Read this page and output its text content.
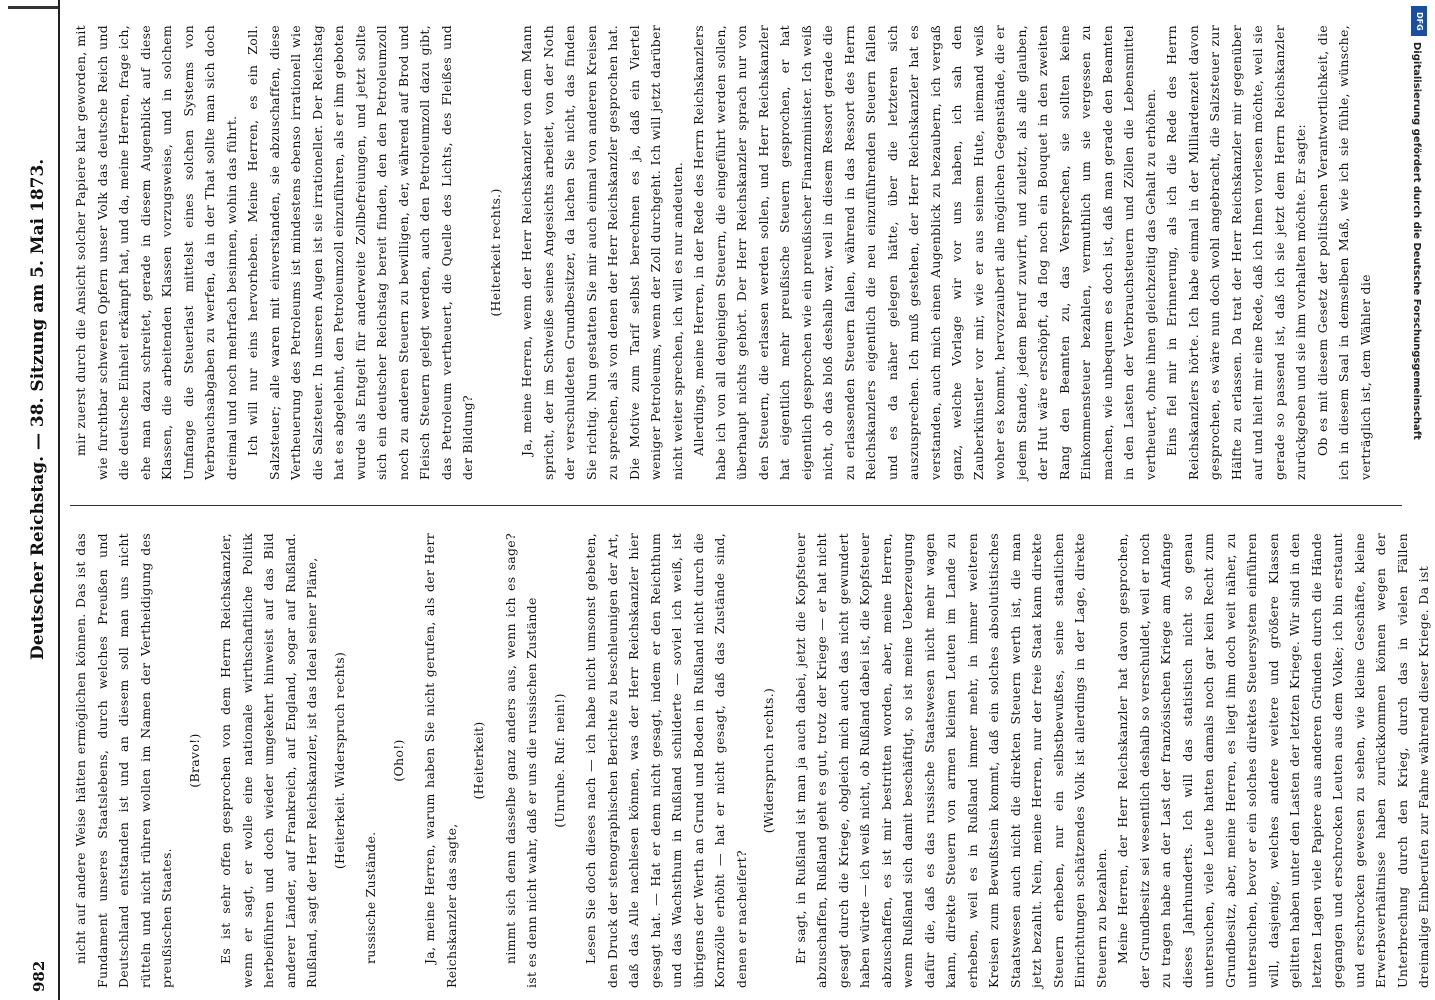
982
Deutscher Reichstag. — 38. Sitzung am 5. Mai 1873.

nicht auf andere Weise hätten ermöglichen können. Das ist das Fundament unseres Staatslebens, durch welches Preußen und Deutschland entstanden ist und an diesem soll man uns nicht rütteln und nicht rühren wollen im Namen der Vertheidigung des preußischen Staates.

(Bravo!) Es ist sehr offen gesprochen von dem Herrn Reichskanzler, wenn er sagt, er wolle eine nationale wirthschaftliche Politik herbeiführen und doch wieder umgekehrt hinweist auf das Bild anderer Länder, auf Frankreich, auf England, sogar auf Rußland. Rußland, sagt der Herr Reichskanzler, ist das Ideal seiner Pläne, (Heiterkeit. Widerspruch rechts)

russische Zustände.

(Oho!) Ja, meine Herren, warum haben Sie nicht gerufen, als der Herr Reichskanzler das sagte,

(Heiterkeit) nimmt sich denn dasselbe ganz anders aus, wenn ich es sage? ist es denn nicht wahr, daß er uns die russischen Zustände (Unruhe. Ruf: nein!) Lesen Sie doch dieses nach — ich habe nicht umsonst gebeten, den Druck der stenographischen Berichte zu beschleunigen der Art, daß das Alle nachlesen können, was der Herr Reichskanzler hier gesagt hat. — Hat er denn nicht gesagt, indem er den Reichthum und das Wachsthum in Rußland schilderte — soviel ich weiß, ist übrigens der Werth an Grund und Boden in Rußland nicht durch die Kornzölle erhöht — hat er nicht gesagt, daß das Zustände sind, denen er nacheifert?

(Widerspruch rechts.) Er sagt, in Rußland ist man ja auch dabei, jetzt die Kopfsteuer abzuschaffen, Rußland geht es gut, trotz der Kriege — er hat nicht gesagt durch die Kriege, obgleich mich auch das nicht gewundert haben würde — ich weiß nicht, ob Rußland dabei ist, die Kopfsteuer abzuschaffen, es ist mir bestritten worden, aber, meine Herren, wenn Rußland sich damit beschäftigt, so ist meine Ueberzeugung dafür die, daß es das russische Staatswesen nicht mehr wagen kann, direkte Steuern von armen kleinen Leuten im Lande zu erheben, weil es in Rußland immer mehr, in immer weiteren Kreisen zum Bewußtsein kommt, daß ein solches absolutistisches Staatswesen auch nicht die direkten Steuern werth ist, die man jetzt bezahlt. Nein, meine Herren, nur der freie Staat kann direkte Steuern erheben, nur ein selbstbewußtes, seine staatlichen Einrichtungen schätzendes Volk ist allerdings in der Lage, direkte Steuern zu bezahlen. Meine Herren, der Herr Reichskanzler hat davon gesprochen, der Grundbesitz sei wesentlich deshalb so verschuldet, weil er noch zu tragen habe an der Last der französischen Kriege am Anfange dieses Jahrhunderts. Ich will das statistisch nicht so genau untersuchen, viele Leute hatten damals noch gar kein Recht zum Grundbesitz, aber, meine Herren, es liegt ihm doch weit näher, zu untersuchen, bevor er ein solches direktes Steuersystem einführen will, dasjenige, welches andere weitere und größere Klassen gelitten haben unter den Lasten der letzten Kriege. Wir sind in den letzten Lagen viele Papiere aus anderen Gründen durch die Hände gegangen und erschrocken Leuten aus dem Volke; ich bin erstaunt und erschrocken gewesen zu sehen, wie kleine Geschäfte, kleine Erwerbsverhältnisse haben zurückkommen können wegen der Unterbrechung durch den Krieg, durch das in vielen Fällen dreimalige Einberufen zur Fahne während dieser Kriege. Da ist

mir zuerst durch die Ansicht solcher Papiere klar geworden, mit wie furchtbar schweren Opfern unser Volk das deutsche Reich und die deutsche Einheit erkämpft hat, und da, meine Herren, frage ich, ehe man dazu schreitet, gerade in diesem Augenblick auf diese Klassen, die arbeitenden Klassen vorzugsweise, und in solchem Umfange die Steuerlast mittelst eines solchen Systems von Verbrauchsabgaben zu werfen, da in der That sollte man sich doch dreimal und noch mehrfach besinnen, wohin das führt. Ich will nur eins hervorheben. Meine Herren, es ein Zoll. Salzsteuer; alle waren mit einverstanden, sie abzuschaffen, diese Vertheuerung des Petroleums ist mindestens ebenso irrationell wie die Salzsteuer. In unseren Augen ist sie irrationeller. Der Reichstag hat es abgelehnt, den Petroleumzoll einzuführen, als er ihm geboten wurde als Entgelt für anderweite Zollbefreiungen, und jetzt sollte sich ein deutscher Reichstag bereit finden, den den Petroleumzoll noch zu anderen Steuern zu bewilligen, der, während auf Brod und Fleisch Steuern gelegt werden, auch den Petroleumzoll dazu gibt, das Petroleum vertheuert, die Quelle des Lichts, des Fleißes und der Bildung?

(Heiterkeit rechts.) Ja, meine Herren, wenn der Herr Reichskanzler von dem Mann spricht, der im Schweiße seines Angesichts arbeitet, von der Noth der verschuldeten Grundbesitzer, da lachen Sie nicht, das finden Sie richtig. Nun gestatten Sie mir auch einmal von anderen Kreisen zu sprechen, als von denen der Herr Reichskanzler gesprochen hat. Die Motive zum Tarif selbst berechnen es ja, daß ein Viertel weniger Petroleums, wenn der Zoll durchgeht. Ich will jetzt darüber nicht weiter sprechen, ich will es nur andeuten. Allerdings, meine Herren, in der Rede des Herrn Reichskanzlers habe ich von all denjenigen Steuern, die eingeführt werden sollen, überhaupt nichts gehört. Der Herr Reichskanzler sprach nur von den Steuern, die erlassen werden sollen, und Herr Reichskanzler hat eigentlich mehr preußische Steuern gesprochen, er hat eigentlich gesprochen wie ein preußischer Finanzminister. Ich weiß nicht, ob das bloß deshalb war, weil in diesem Ressort gerade die zu erlassenden Steuern fallen, während in das Ressort des Herrn Reichskanzlers eigentlich die neu einzuführenden Steuern fallen und es da näher gelegen hätte, über die letzteren sich auszusprechen. Ich muß gestehen, der Herr Reichskanzler hat es verstanden, auch mich einen Augenblick zu bezaubern, ich vergaß ganz, welche Vorlage wir vor uns haben, ich sah den Zauberkünstler vor mir, wie er aus seinem Hute, niemand weiß woher es kommt, hervorzaubert alle möglichen Gegenstände, die er jedem Stande, jedem Beruf zuwirft, und zuletzt, als alle glauben, der Hut wäre erschöpft, da flog noch ein Bouquet in den zweiten Rang den Beamten zu, das Versprechen, sie sollten keine Einkommensteuer bezahlen, vermuthlich um sie vergessen zu machen, wie unbequem es doch ist, daß man gerade den Beamten in den Lasten der Verbrauchsteuern und Zöllen die Lebensmittel vertheuert, ohne ihnen gleichzeitig das Gehalt zu erhöhen. Eins fiel mir in Erinnerung, als ich die Rede des Herrn Reichskanzlers hörte. Ich habe einmal in der Milliardenzeit davon gesprochen, es wäre nun doch wohl angebracht, die Salzsteuer zur Hälfte zu erlassen. Da trat der Herr Reichskanzler mir gegenüber auf und hielt mir eine Rede, daß ich Ihnen vorlesen möchte, weil sie gerade so passend ist, daß ich sie jetzt dem Herrn Reichskanzler zurückgeben und sie ihm vorhalten möchte. Er sagte: Ob es mit diesem Gesetz der politischen Verantwortlichkeit, die ich in diesem Saal in demselben Maß, wie ich sie fühle, wünsche, verträglich ist, dem Wähler die

DFG
Digitalisierung gefördert durch die Deutsche Forschungsgemeinschaft
